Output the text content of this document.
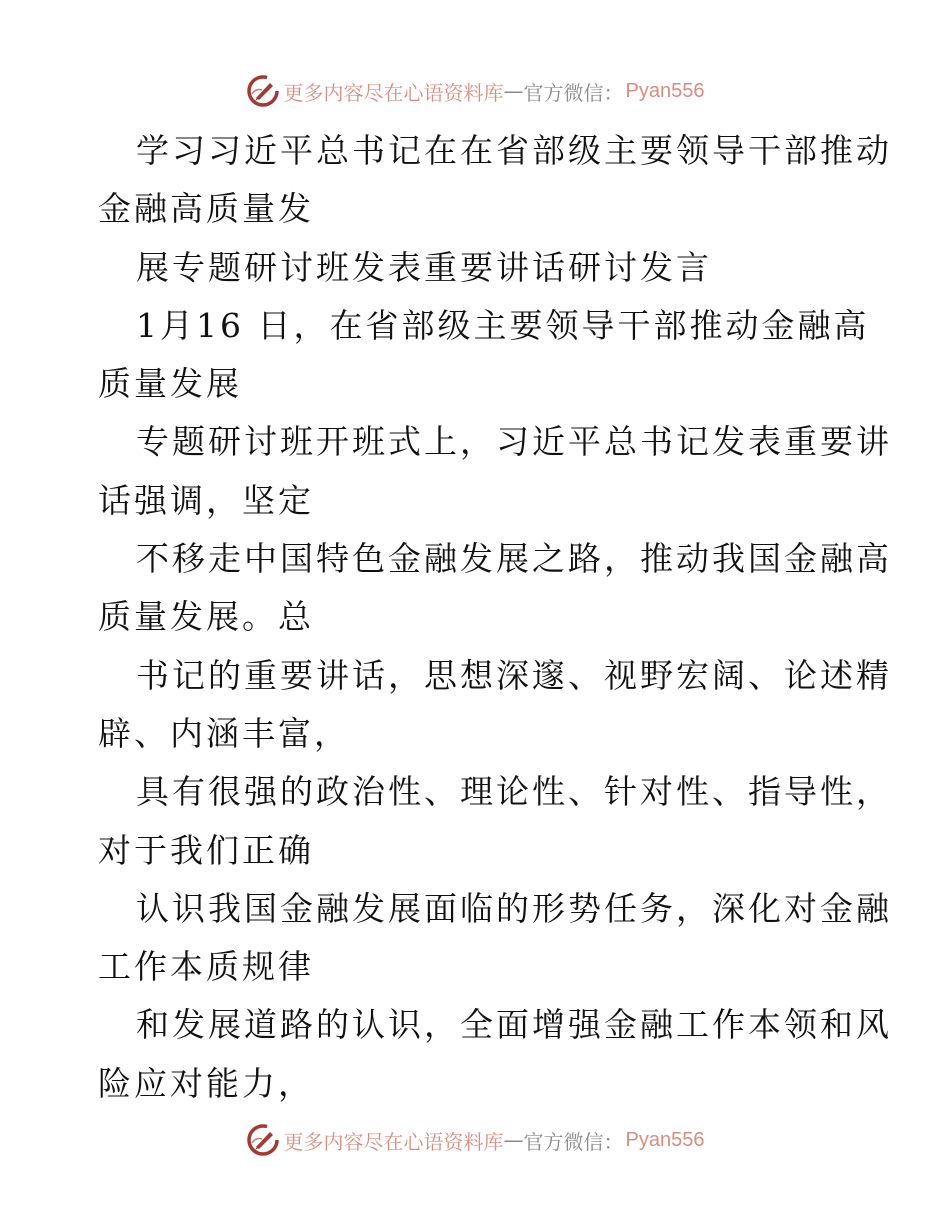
更多内容尽在心语资料库 — 官方微信： Pyan556
学习习近平总书记在在省部级主要领导干部推动
金融高质量发
展专题研讨班发表重要讲话研讨发言
1月16 日，在省部级主要领导干部推动金融高
质量发展
专题研讨班开班式上，习近平总书记发表重要讲
话强调，坚定
不移走中国特色金融发展之路，推动我国金融高
质量发展。总
书记的重要讲话，思想深邃、视野宏阔、论述精
辟、内涵丰富，
具有很强的政治性、理论性、针对性、指导性，
对于我们正确
认识我国金融发展面临的形势任务，深化对金融
工作本质规律
和发展道路的认识，全面增强金融工作本领和风
险应对能力，
更多内容尽在心语资料库 — 官方微信： Pyan556
